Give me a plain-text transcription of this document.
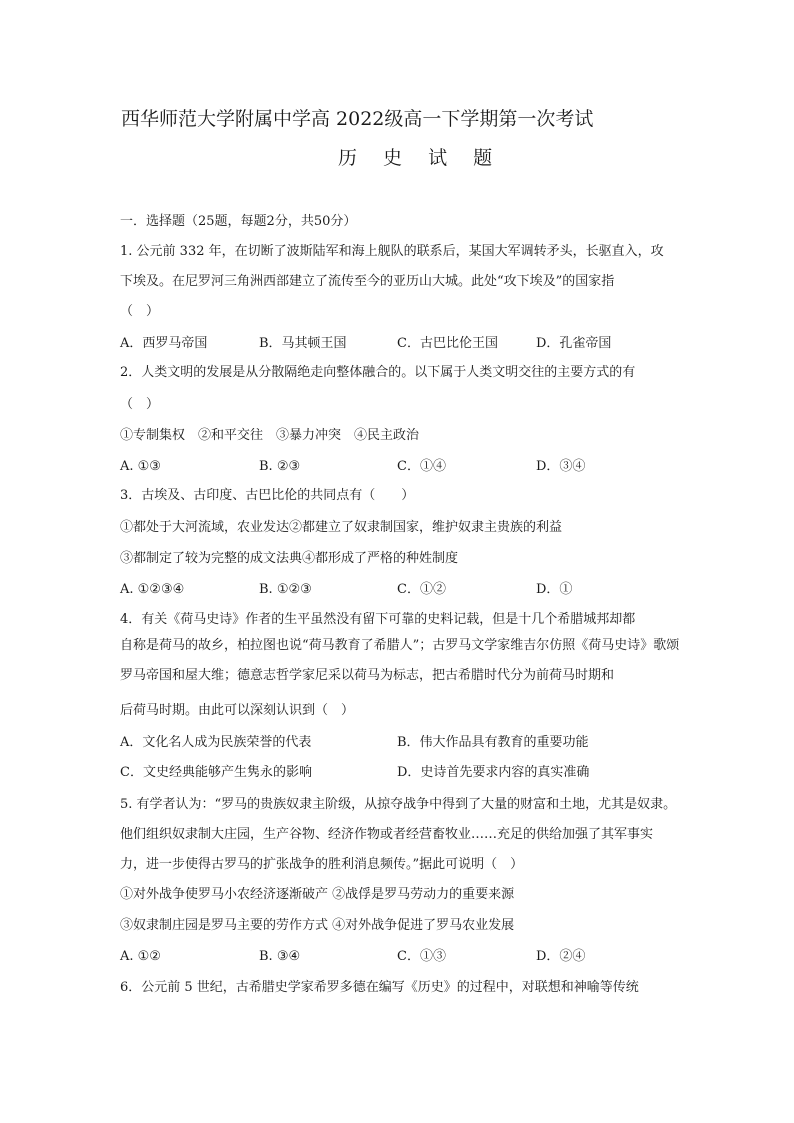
西华师范大学附属中学高 2022级高一下学期第一次考试
历 史 试 题
一．选择题（25题，每题2分，共50分）
1. 公元前 332 年，在切断了波斯陆军和海上舰队的联系后，某国大军调转矛头，长驱直入，攻
下埃及。在尼罗河三角洲西部建立了流传至今的亚历山大城。此处“攻下埃及”的国家指
（　）
A．西罗马帝国	B．马其顿王国	C．古巴比伦王国	D．孔雀帝国
2．人类文明的发展是从分散隔绝走向整体融合的。以下属于人类文明交往的主要方式的有
（　）
①专制集权　②和平交往　③暴力冲突　④民主政治
A. ①③	B. ②③	C．①④	D．③④
3．古埃及、古印度、古巴比伦的共同点有（　　）
①都处于大河流域，农业发达②都建立了奴隶制国家，维护奴隶主贵族的利益
③都制定了较为完整的成文法典④都形成了严格的种姓制度
A. ①②③④	B. ①②③	C．①②	D．①
4．有关《荷马史诗》作者的生平虽然没有留下可靠的史料记载，但是十几个希腊城邦却都
自称是荷马的故乡，柏拉图也说“荷马教育了希腊人”；古罗马文学家维吉尔仿照《荷马史诗》歌颂
罗马帝国和屋大维；德意志哲学家尼采以荷马为标志，把古希腊时代分为前荷马时期和
后荷马时期。由此可以深刻认识到（　）
A．文化名人成为民族荣誉的代表	B．伟大作品具有教育的重要功能
C．文史经典能够产生隽永的影响	D．史诗首先要求内容的真实准确
5. 有学者认为：“罗马的贵族奴隶主阶级，从掠夺战争中得到了大量的财富和土地，尤其是奴隶。
他们组织奴隶制大庄园，生产谷物、经济作物或者经营畜牧业……充足的供给加强了其军事实
力，进一步使得古罗马的扩张战争的胜利消息频传。”据此可说明（　）
①对外战争使罗马小农经济逐渐破产 ②战俘是罗马劳动力的重要来源
③奴隶制庄园是罗马主要的劳作方式 ④对外战争促进了罗马农业发展
A. ①②	B. ③④	C．①③	D．②④
6．公元前 5 世纪，古希腊史学家希罗多德在编写《历史》的过程中，对联想和神喻等传统
